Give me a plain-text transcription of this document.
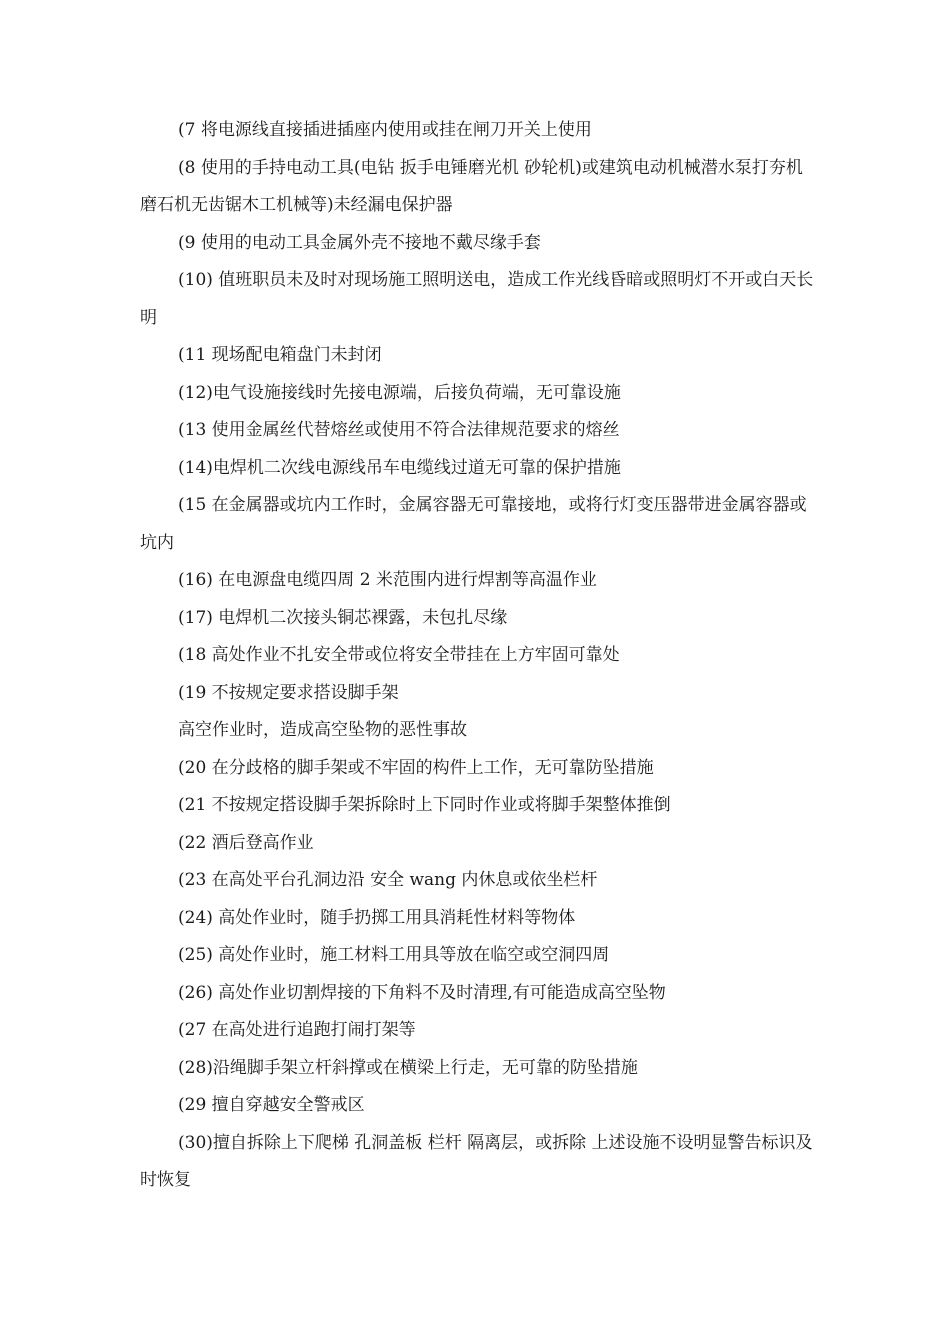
(7 将电源线直接插进插座内使用或挂在闸刀开关上使用

(8 使用的手持电动工具(电钻 扳手电锤磨光机 砂轮机)或建筑电动机械潜水泵打夯机磨石机无齿锯木工机械等)未经漏电保护器

(9 使用的电动工具金属外壳不接地不戴尽缘手套

(10) 值班职员未及时对现场施工照明送电，造成工作光线昏暗或照明灯不开或白天长明

(11 现场配电箱盘门未封闭

(12)电气设施接线时先接电源端，后接负荷端，无可靠设施

(13 使用金属丝代替熔丝或使用不符合法律规范要求的熔丝

(14)电焊机二次线电源线吊车电缆线过道无可靠的保护措施

(15 在金属器或坑内工作时，金属容器无可靠接地，或将行灯变压器带进金属容器或坑内

(16) 在电源盘电缆四周 2 米范围内进行焊割等高温作业

(17) 电焊机二次接头铜芯裸露，未包扎尽缘

(18 高处作业不扎安全带或位将安全带挂在上方牢固可靠处

(19 不按规定要求搭设脚手架

高空作业时，造成高空坠物的恶性事故

(20 在分歧格的脚手架或不牢固的构件上工作，无可靠防坠措施

(21 不按规定搭设脚手架拆除时上下同时作业或将脚手架整体推倒

(22 酒后登高作业

(23 在高处平台孔洞边沿 安全 wang 内休息或依坐栏杆

(24) 高处作业时，随手扔掷工用具消耗性材料等物体

(25) 高处作业时，施工材料工用具等放在临空或空洞四周

(26) 高处作业切割焊接的下角料不及时清理,有可能造成高空坠物

(27 在高处进行追跑打闹打架等

(28)沿绳脚手架立杆斜撑或在横梁上行走，无可靠的防坠措施

(29 擅自穿越安全警戒区

(30)擅自拆除上下爬梯 孔洞盖板 栏杆 隔离层，或拆除 上述设施不设明显警告标识及时恢复
